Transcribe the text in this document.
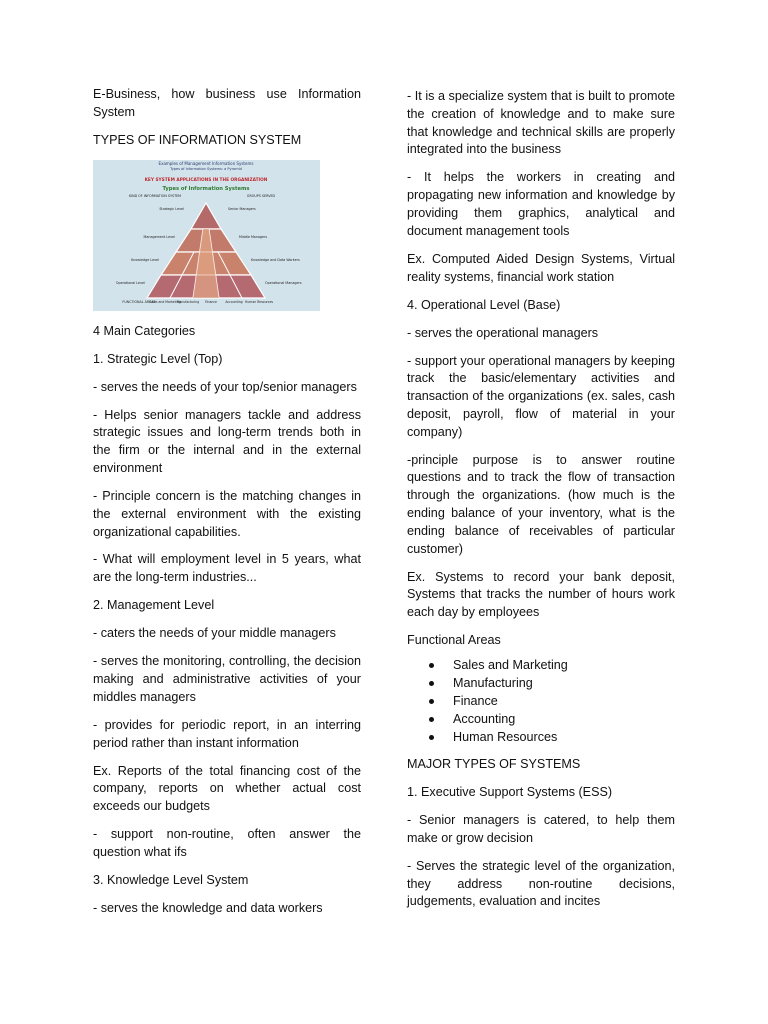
E-Business, how business use Information System

TYPES OF INFORMATION SYSTEM

Examples of Management Information Systems
Types of Information Systems: a Pyramid
KEY SYSTEM APPLICATIONS IN THE ORGANIZATION
Types of Information Systems
KIND OF INFORMATION SYSTEM	GROUPS SERVED
Strategic Level	Senior Managers
Management Level	Middle Managers
Knowledge Level	Knowledge and Data Workers
Operational Level	Operational Managers
FUNCTIONAL AREAS
Sales and Marketing
Manufacturing Finance	Accounting Human Resources

4 Main Categories

1. Strategic Level (Top)

- serves the needs of your top/senior managers

- Helps senior managers tackle and address strategic issues and long-term trends both in the firm or the internal and in the external environment

- Principle concern is the matching changes in the external environment with the existing organizational capabilities.

- What will employment level in 5 years, what are the long-term industries...

2. Management Level

- caters the needs of your middle managers

- serves the monitoring, controlling, the decision making and administrative activities of your middles managers

- provides for periodic report, in an interring period rather than instant information

Ex. Reports of the total financing cost of the company, reports on whether actual cost exceeds our budgets

- support non-routine, often answer the question what ifs

3. Knowledge Level System

- serves the knowledge and data workers

- It is a specialize system that is built to promote the creation of knowledge and to make sure that knowledge and technical skills are properly integrated into the business

- It helps the workers in creating and propagating new information and knowledge by providing them graphics, analytical and document management tools

Ex. Computed Aided Design Systems, Virtual reality systems, financial work station

4. Operational Level (Base)

- serves the operational managers

- support your operational managers by keeping track the basic/elementary activities and transaction of the organizations (ex. sales, cash deposit, payroll, flow of material in your company)

-principle purpose is to answer routine questions and to track the flow of transaction through the organizations. (how much is the ending balance of your inventory, what is the ending balance of receivables of particular customer)

Ex. Systems to record your bank deposit, Systems that tracks the number of hours work each day by employees

Functional Areas

Sales and Marketing
Manufacturing
Finance
Accounting
Human Resources

MAJOR TYPES OF SYSTEMS

1. Executive Support Systems (ESS)

- Senior managers is catered, to help them make or grow decision

- Serves the strategic level of the organization, they address non-routine decisions, judgements, evaluation and incites
